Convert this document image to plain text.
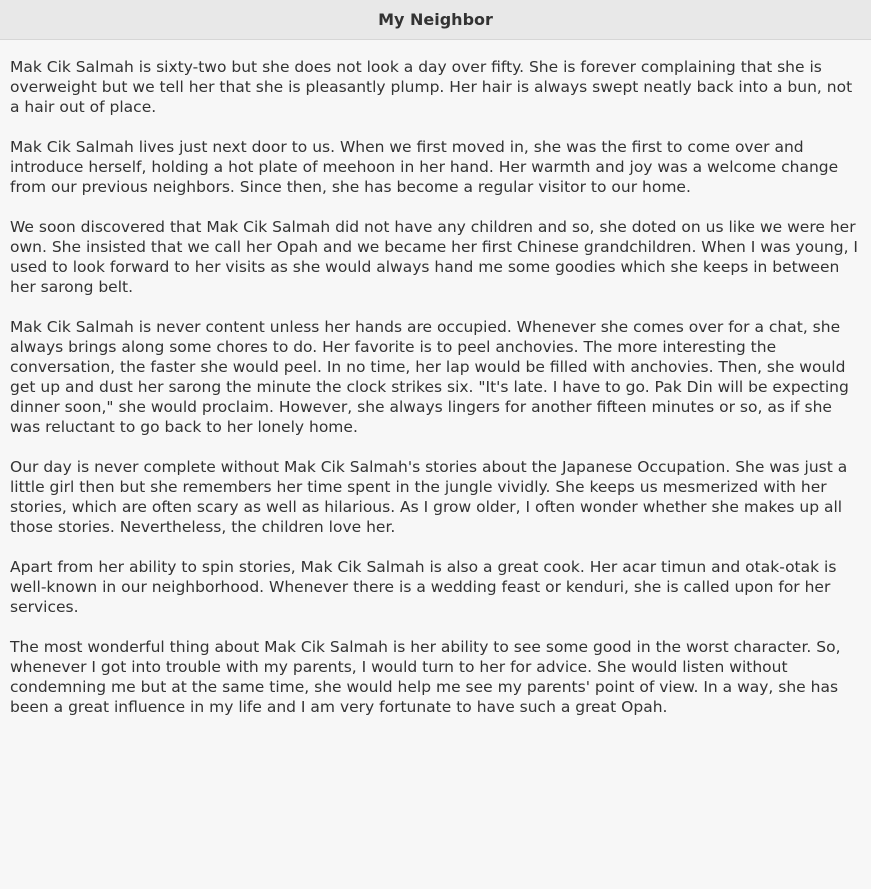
My Neighbor

Mak Cik Salmah is sixty-two but she does not look a day over fifty. She is forever complaining that she is overweight but we tell her that she is pleasantly plump. Her hair is always swept neatly back into a bun, not a hair out of place.

Mak Cik Salmah lives just next door to us. When we first moved in, she was the first to come over and introduce herself, holding a hot plate of meehoon in her hand. Her warmth and joy was a welcome change from our previous neighbors. Since then, she has become a regular visitor to our home.

We soon discovered that Mak Cik Salmah did not have any children and so, she doted on us like we were her own. She insisted that we call her Opah and we became her first Chinese grandchildren. When I was young, I used to look forward to her visits as she would always hand me some goodies which she keeps in between her sarong belt.

Mak Cik Salmah is never content unless her hands are occupied. Whenever she comes over for a chat, she always brings along some chores to do. Her favorite is to peel anchovies. The more interesting the conversation, the faster she would peel. In no time, her lap would be filled with anchovies. Then, she would get up and dust her sarong the minute the clock strikes six. "It's late. I have to go. Pak Din will be expecting dinner soon," she would proclaim. However, she always lingers for another fifteen minutes or so, as if she was reluctant to go back to her lonely home.

Our day is never complete without Mak Cik Salmah's stories about the Japanese Occupation. She was just a little girl then but she remembers her time spent in the jungle vividly. She keeps us mesmerized with her stories, which are often scary as well as hilarious. As I grow older, I often wonder whether she makes up all those stories. Nevertheless, the children love her.

Apart from her ability to spin stories, Mak Cik Salmah is also a great cook. Her acar timun and otak-otak is well-known in our neighborhood. Whenever there is a wedding feast or kenduri, she is called upon for her services.

The most wonderful thing about Mak Cik Salmah is her ability to see some good in the worst character. So, whenever I got into trouble with my parents, I would turn to her for advice. She would listen without condemning me but at the same time, she would help me see my parents' point of view. In a way, she has been a great influence in my life and I am very fortunate to have such a great Opah.
